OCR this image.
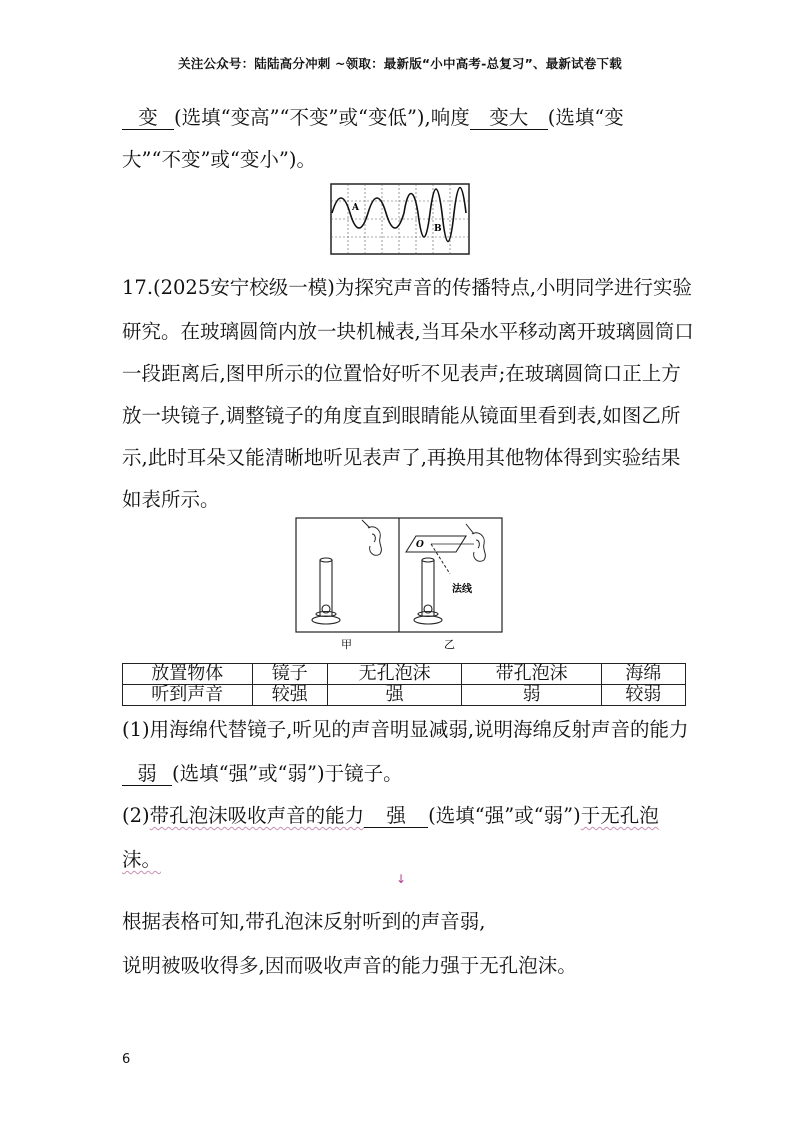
关注公众号：陆陆高分冲刺 ~领取：最新版“小中高考-总复习”、最新试卷下载
变 (选填“变高”“不变”或“变低”),响度 变大 (选填“变
大”“不变”或“变小”)。
A
B
17.(2025安宁校级一模)为探究声音的传播特点,小明同学进行实验
研究。在玻璃圆筒内放一块机械表,当耳朵水平移动离开玻璃圆筒口
一段距离后,图甲所示的位置恰好听不见表声;在玻璃圆筒口正上方
放一块镜子,调整镜子的角度直到眼睛能从镜面里看到表,如图乙所
示,此时耳朵又能清晰地听见表声了,再换用其他物体得到实验结果
如表所示。
O
法线
甲	乙
放置物体	镜子	无孔泡沫	带孔泡沫	海绵
听到声音	较强	强	弱	较弱
(1)用海绵代替镜子,听见的声音明显减弱,说明海绵反射声音的能力
弱 (选填“强”或“弱”)于镜子。
(2)带孔泡沫吸收声音的能力 强 (选填“强”或“弱”)于无孔泡
沫。
↓
根据表格可知,带孔泡沫反射听到的声音弱,
说明被吸收得多,因而吸收声音的能力强于无孔泡沫。
6
